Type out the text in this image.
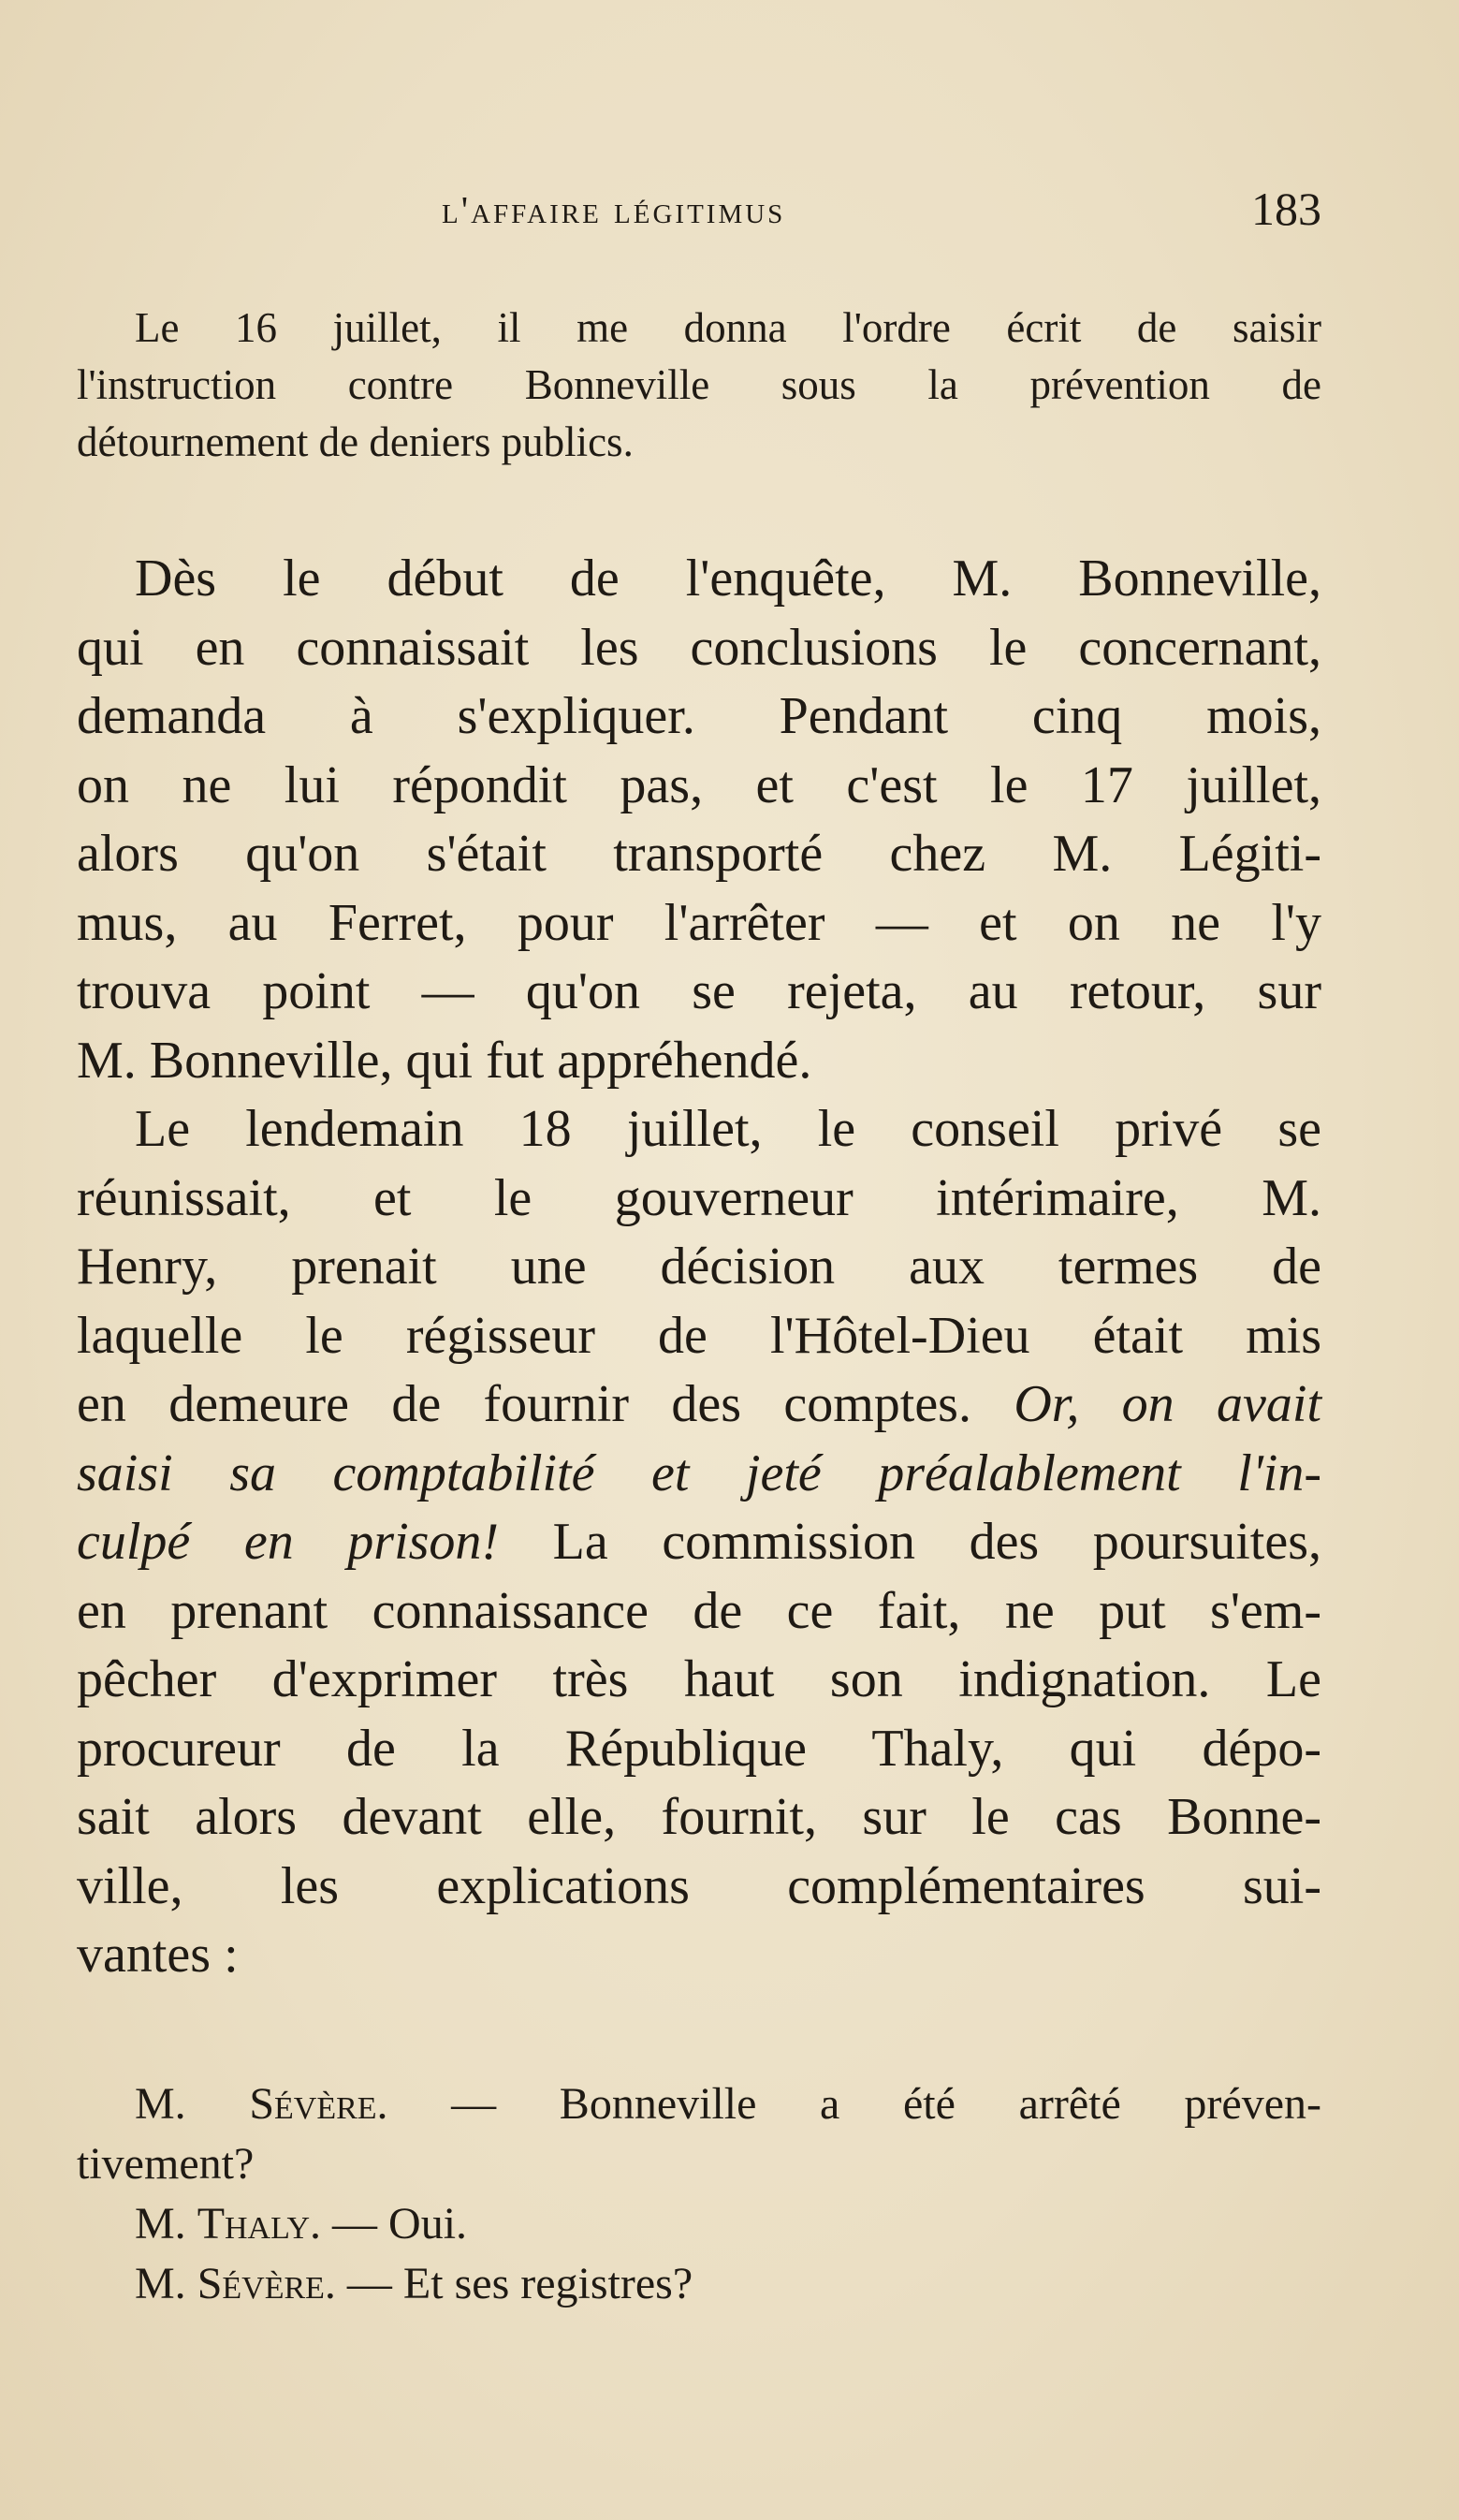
l'affaire légitimus	183
Le 16 juillet, il me donna l'ordre écrit de saisir
l'instruction contre Bonneville sous la prévention de
détournement de deniers publics.
Dès le début de l'enquête, M. Bonneville,
qui en connaissait les conclusions le concernant,
demanda à s'expliquer. Pendant cinq mois,
on ne lui répondit pas, et c'est le 17 juillet,
alors qu'on s'était transporté chez M. Légiti-
mus, au Ferret, pour l'arrêter — et on ne l'y
trouva point — qu'on se rejeta, au retour, sur
M. Bonneville, qui fut appréhendé.
Le lendemain 18 juillet, le conseil privé se
réunissait, et le gouverneur intérimaire, M.
Henry, prenait une décision aux termes de
laquelle le régisseur de l'Hôtel-Dieu était mis
en demeure de fournir des comptes. Or, on avait
saisi sa comptabilité et jeté préalablement l'in-
culpé en prison! La commission des poursuites,
en prenant connaissance de ce fait, ne put s'em-
pêcher d'exprimer très haut son indignation. Le
procureur de la République Thaly, qui dépo-
sait alors devant elle, fournit, sur le cas Bonne-
ville, les explications complémentaires sui-
vantes :
M. Sévère. — Bonneville a été arrêté préven-
tivement?
M. Thaly. — Oui.
M. Sévère. — Et ses registres?
